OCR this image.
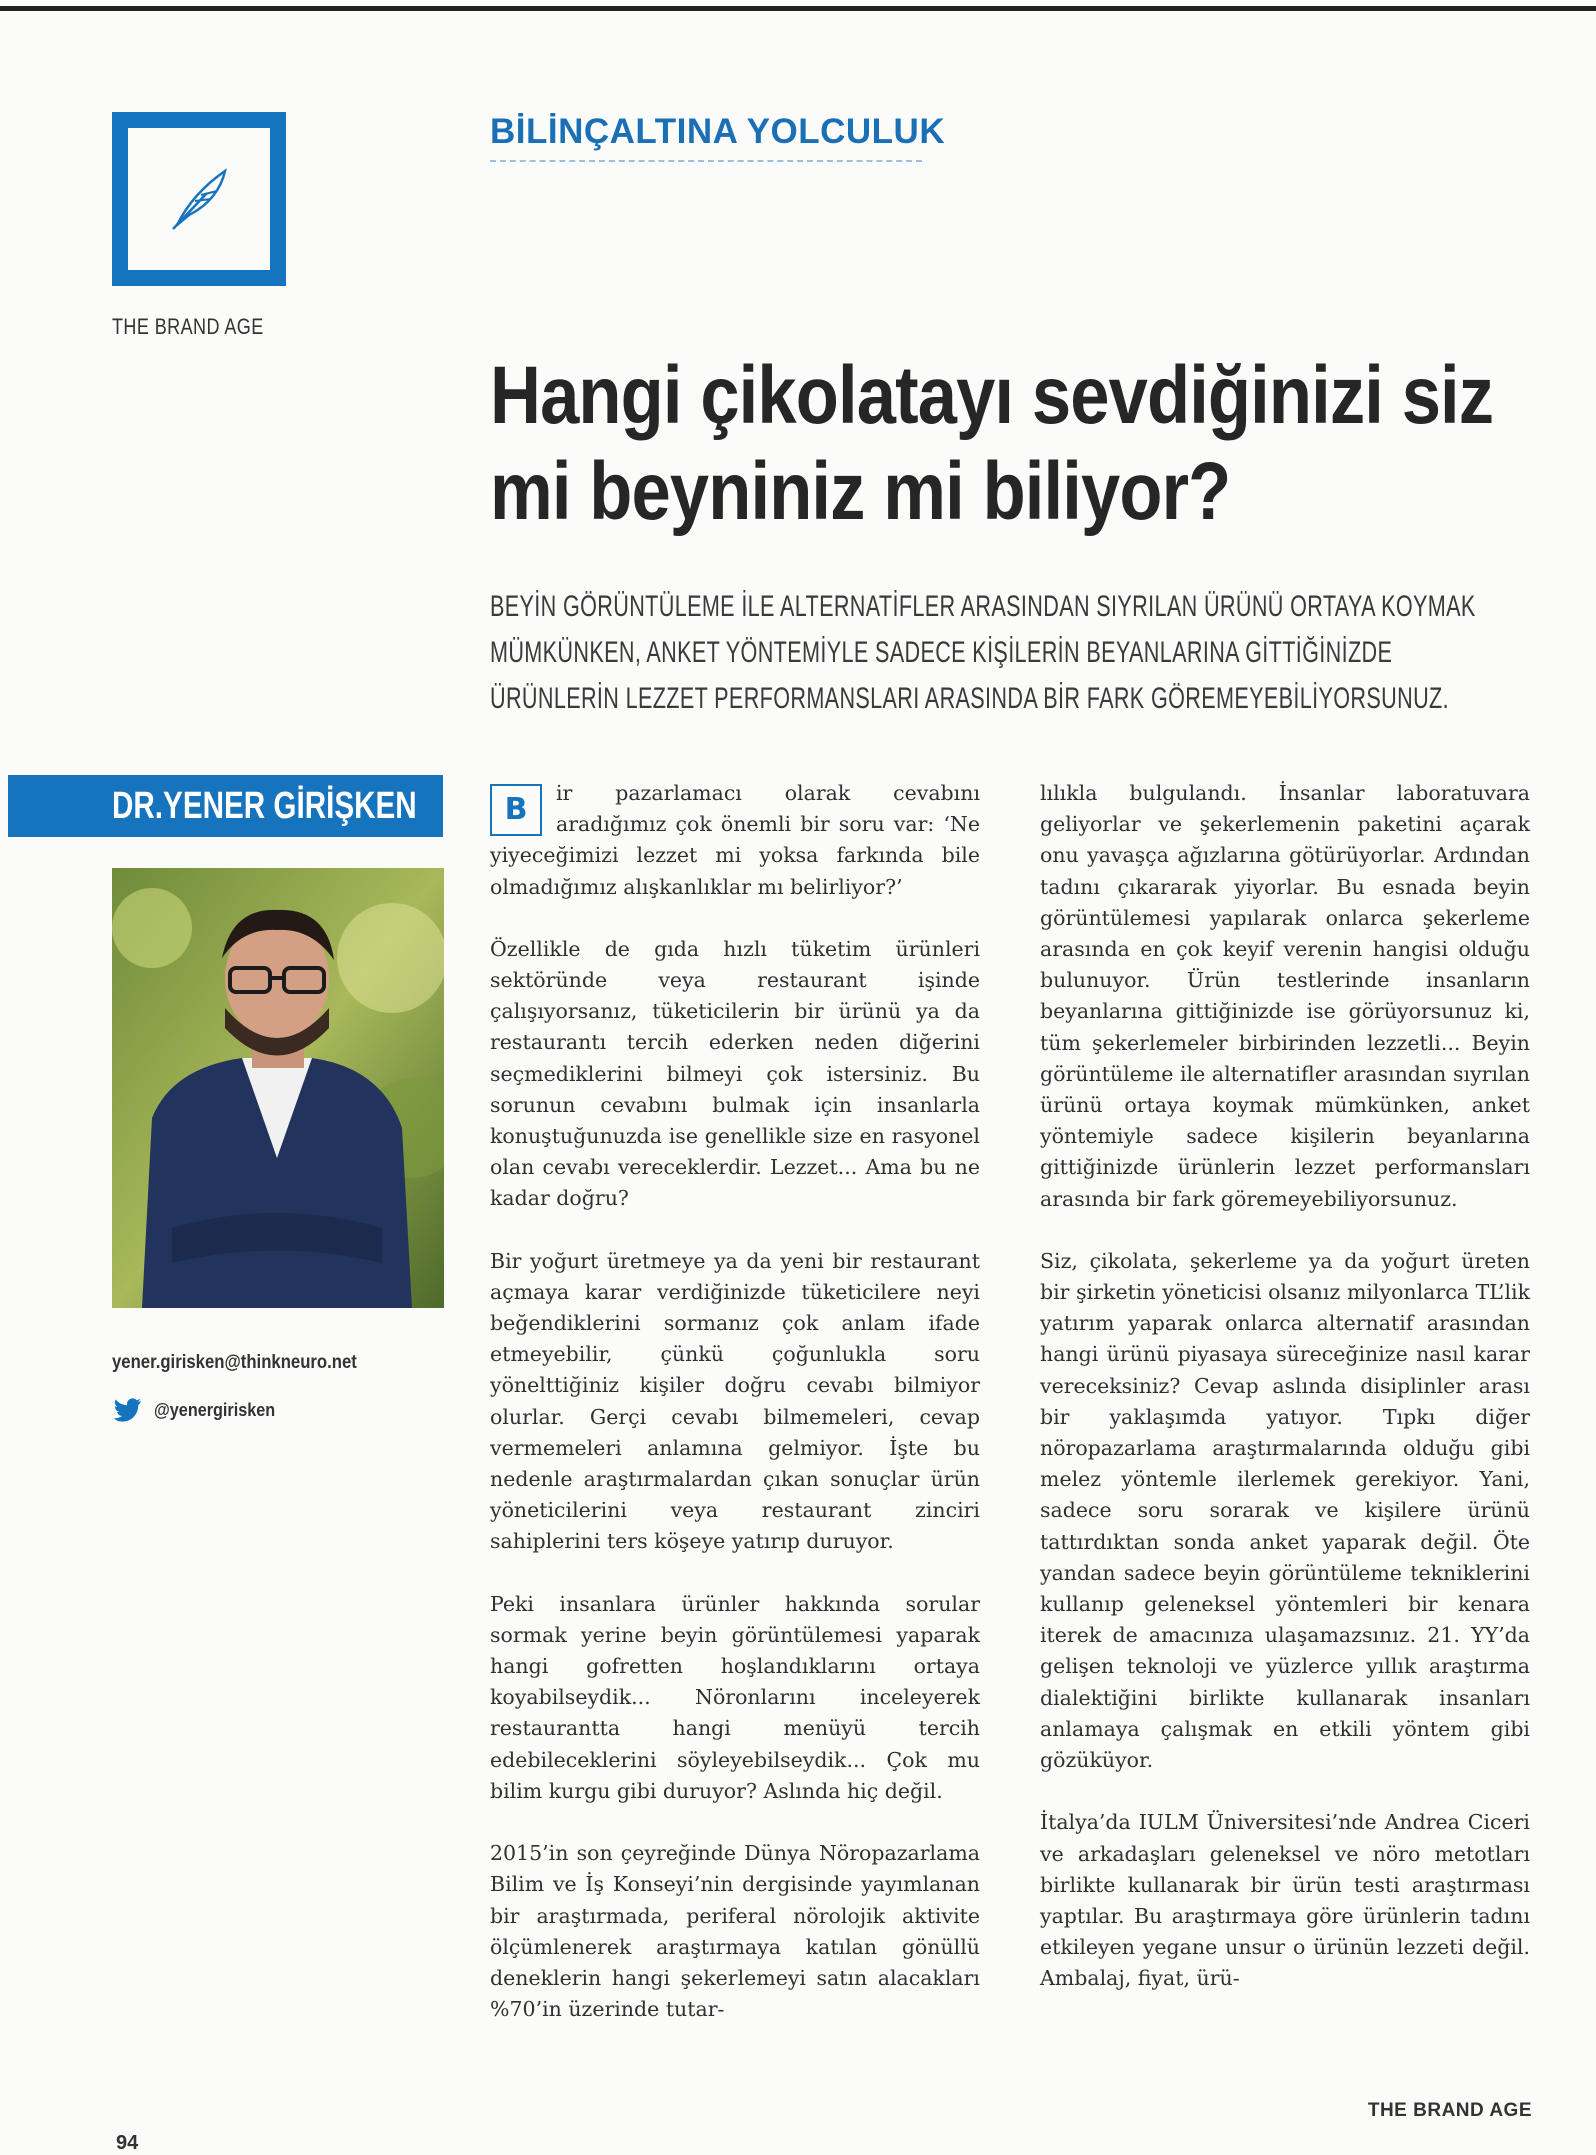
THE BRAND AGE
BİLİNÇALTINA YOLCULUK
Hangi çikolatayı sevdiğinizi siz
mi beyniniz mi biliyor?
BEYİN GÖRÜNTÜLEME İLE ALTERNATİFLER ARASINDAN SIYRILAN ÜRÜNÜ ORTAYA KOYMAK
MÜMKÜNKEN, ANKET YÖNTEMİYLE SADECE KİŞİLERİN BEYANLARINA GİTTİĞİNİZDE
ÜRÜNLERİN LEZZET PERFORMANSLARI ARASINDA BİR FARK GÖREMEYEBİLİYORSUNUZ.
DR.YENER GİRİŞKEN
yener.girisken@thinkneuro.net
@yenergirisken

B	ir pazarlamacı olarak cevabını aradığımız çok önemli bir soru var: ‘Ne yiyeceğimizi lezzet mi yoksa farkında bile olmadığımız alışkanlıklar mı belirliyor?’

Özellikle de gıda hızlı tüketim ürünleri sektöründe veya restaurant işinde çalışıyorsanız, tüketicilerin bir ürünü ya da restaurantı tercih ederken neden diğerini seçmediklerini bilmeyi çok istersiniz. Bu sorunun cevabını bulmak için insanlarla konuştuğunuzda ise genellikle size en rasyonel olan cevabı vereceklerdir. Lezzet... Ama bu ne kadar doğru?

Bir yoğurt üretmeye ya da yeni bir restaurant açmaya karar verdiğinizde tüketicilere neyi beğendiklerini sormanız çok anlam ifade etmeyebilir, çünkü çoğunlukla soru yönelttiğiniz kişiler doğru cevabı bilmiyor olurlar. Gerçi cevabı bilmemeleri, cevap vermemeleri anlamına gelmiyor. İşte bu nedenle araştırmalardan çıkan sonuçlar ürün yöneticilerini veya restaurant zinciri sahiplerini ters köşeye yatırıp duruyor.

Peki insanlara ürünler hakkında sorular sormak yerine beyin görüntülemesi yaparak hangi gofretten hoşlandıklarını ortaya koyabilseydik... Nöronlarını inceleyerek restaurantta hangi menüyü tercih edebileceklerini söyleyebilseydik... Çok mu bilim kurgu gibi duruyor? Aslında hiç değil.

2015’in son çeyreğinde Dünya Nöropazarlama Bilim ve İş Konseyi’nin dergisinde yayımlanan bir araştırmada, periferal nörolojik aktivite ölçümlenerek araştırmaya katılan gönüllü deneklerin hangi şekerlemeyi satın alacakları %70’in üzerinde tutar-

lılıkla bulgulandı. İnsanlar laboratuvara geliyorlar ve şekerlemenin paketini açarak onu yavaşça ağızlarına götürüyorlar. Ardından tadını çıkararak yiyorlar. Bu esnada beyin görüntülemesi yapılarak onlarca şekerleme arasında en çok keyif verenin hangisi olduğu bulunuyor. Ürün testlerinde insanların beyanlarına gittiğinizde ise görüyorsunuz ki, tüm şekerlemeler birbirinden lezzetli... Beyin görüntüleme ile alternatifler arasından sıyrılan ürünü ortaya koymak mümkünken, anket yöntemiyle sadece kişilerin beyanlarına gittiğinizde ürünlerin lezzet performansları arasında bir fark göremeyebiliyorsunuz.

Siz, çikolata, şekerleme ya da yoğurt üreten bir şirketin yöneticisi olsanız milyonlarca TL’lik yatırım yaparak onlarca alternatif arasından hangi ürünü piyasaya süreceğinize nasıl karar vereceksiniz? Cevap aslında disiplinler arası bir yaklaşımda yatıyor. Tıpkı diğer nöropazarlama araştırmalarında olduğu gibi melez yöntemle ilerlemek gerekiyor. Yani, sadece soru sorarak ve kişilere ürünü tattırdıktan sonda anket yaparak değil. Öte yandan sadece beyin görüntüleme tekniklerini kullanıp geleneksel yöntemleri bir kenara iterek de amacınıza ulaşamazsınız. 21. YY’da gelişen teknoloji ve yüzlerce yıllık araştırma dialektiğini birlikte kullanarak insanları anlamaya çalışmak en etkili yöntem gibi gözüküyor.

İtalya’da IULM Üniversitesi’nde Andrea Ciceri ve arkadaşları geleneksel ve nöro metotları birlikte kullanarak bir ürün testi araştırması yaptılar. Bu araştırmaya göre ürünlerin tadını etkileyen yegane unsur o ürünün lezzeti değil. Ambalaj, fiyat, ürü-

THE BRAND AGE
94
